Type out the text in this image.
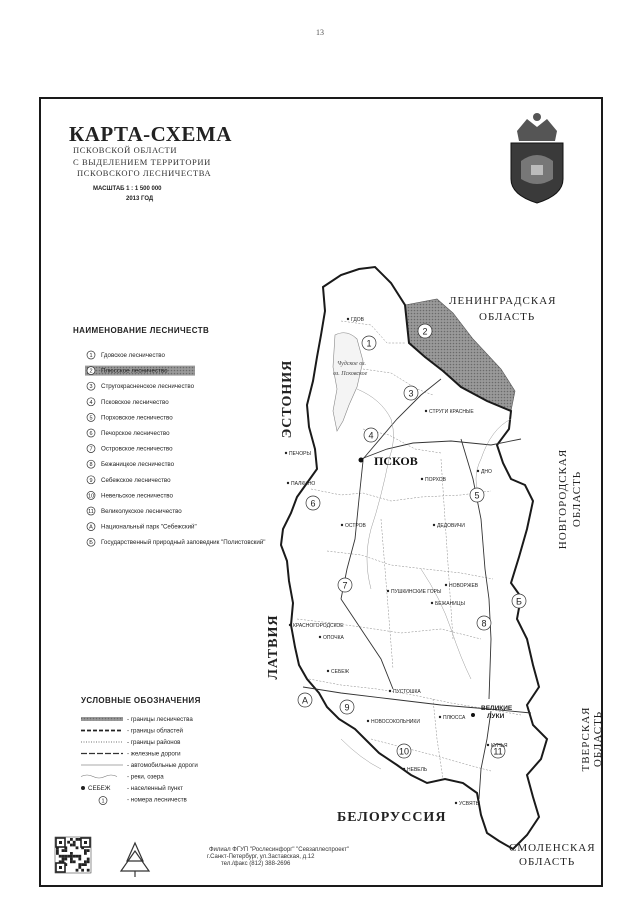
13
КАРТА-СХЕМА
ПСКОВСКОЙ ОБЛАСТИ
С ВЫДЕЛЕНИЕМ ТЕРРИТОРИИ
ПСКОВСКОГО ЛЕСНИЧЕСТВА
МАСШТАБ 1 : 1 500 000
2013 ГОД
НАИМЕНОВАНИЕ ЛЕСНИЧЕСТВ
1 Гдовское лесничество
2 Плюсское лесничество
3 Стругокрасненское лесничество
4 Псковское лесничество
5 Порховское лесничество
6 Печорское лесничество
7 Островское лесничество
8 Бежаницкое лесничество
9 Себежское лесничество
10 Невельское лесничество
11 Великолукское лесничество
А Национальный парк "Себежский"
Б Государственный природный заповедник "Полистовский"
УСЛОВНЫЕ ОБОЗНАЧЕНИЯ
- границы лесничества
- границы областей
- границы районов
- железные дороги
- автомобильные дороги
- реки, озера
СЕБЕЖ	- населенный пункт
1	- номера лесничеств
Филиал ФГУП "Рослесинфорг" "Севзаплеспроект"
г.Санкт-Петербург, ул.Заставская, д.12
тел./факс (812) 388-2696
1
2
3
4
5
6
7
8
9
10	11
А
Б
ГДОВ
СТРУГИ КРАСНЫЕ
ПЕЧОРЫ
ПАЛКИНО
ПОРХОВ
ДНО
ДЕДОВИЧИ
ОСТРОВ
НОВОРЖЕВ
ПУШКИНСКИЕ ГОРЫ
КРАСНОГОРОДСКОЕ
БЕЖАНИЦЫ
ОПОЧКА
ПУСТОШКА
СЕБЕЖ
НОВОСОКОЛЬНИКИ
НЕВЕЛЬ
КУНЬЯ
УСВЯТЫ
ПЛЮССА
ЭСТОНИЯ
ЛАТВИЯ
БЕЛОРУССИЯ
ЛЕНИНГРАДСКАЯ
ОБЛАСТЬ
НОВГОРОДСКАЯ ОБЛАСТЬ
ТВЕРСКАЯ ОБЛАСТЬ
СМОЛЕНСКАЯ
ОБЛАСТЬ
Чудское оз.
оз. Псковское
ПСКОВ
ВЕЛИКИЕ
ЛУКИ
